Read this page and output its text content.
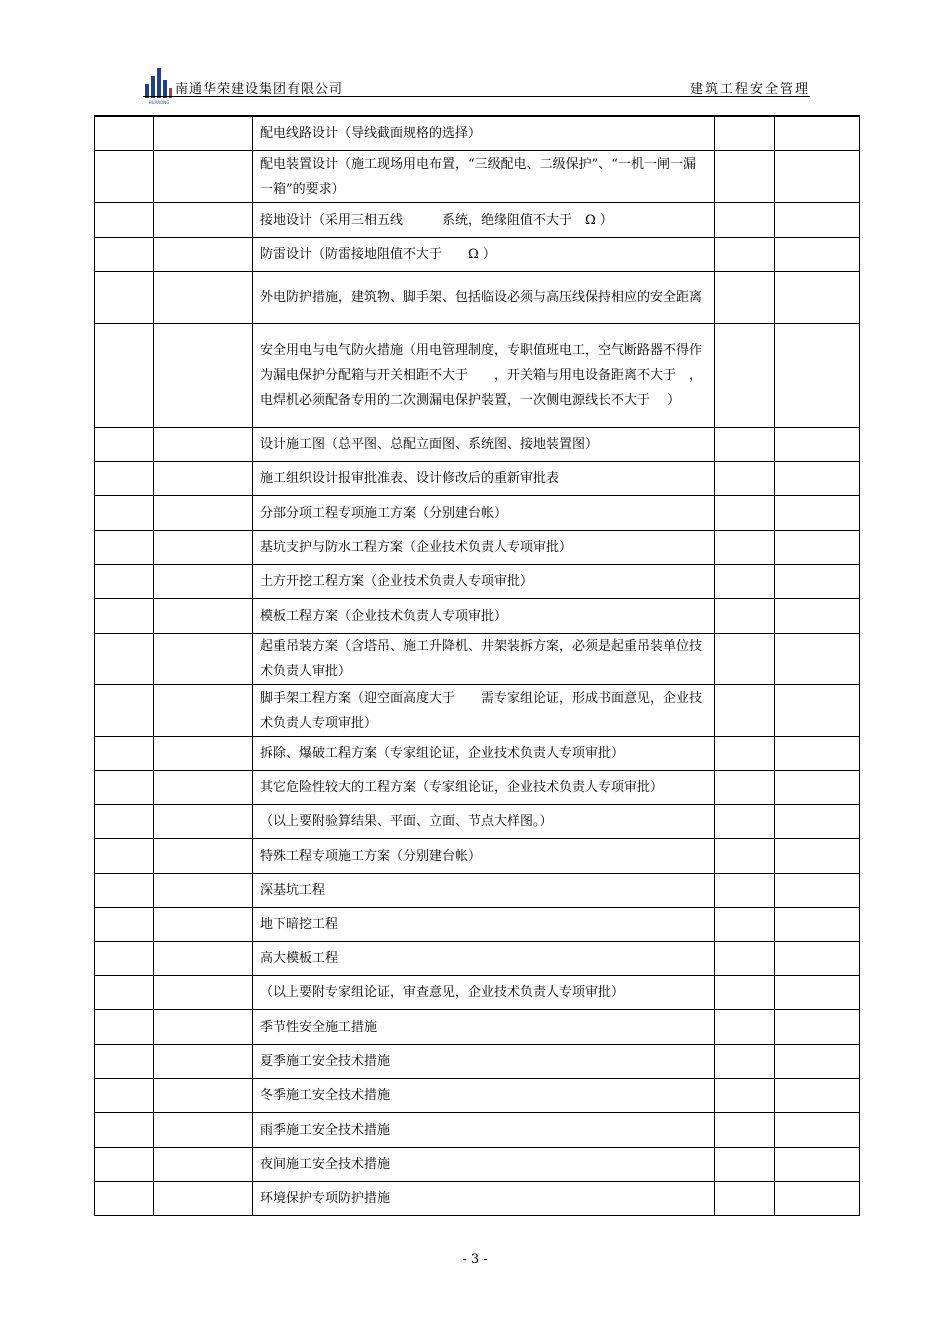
HUARONG
南通华荣建设集团有限公司	建筑工程安全管理
		配电线路设计（导线截面规格的选择）		
		配电装置设计（施工现场用电布置，“三级配电、二级保护”、“一机一闸一漏一箱”的要求）		
		接地设计（采用三相五线　　　系统，绝缘阻值不大于　Ω ）		
		防雷设计（防雷接地阻值不大于　　Ω ）		
		外电防护措施，建筑物、脚手架、包括临设必须与高压线保持相应的安全距离		
		安全用电与电气防火措施（用电管理制度，专职值班电工，空气断路器不得作为漏电保护分配箱与开关相距不大于　　，开关箱与用电设备距离不大于　，电焊机必须配备专用的二次测漏电保护装置，一次侧电源线长不大于　 ）		
		设计施工图（总平图、总配立面图、系统图、接地装置图）		
		施工组织设计报审批准表、设计修改后的重新审批表		
		分部分项工程专项施工方案（分别建台帐）		
		基坑支护与防水工程方案（企业技术负责人专项审批）		
		土方开挖工程方案（企业技术负责人专项审批）		
		模板工程方案（企业技术负责人专项审批）		
		起重吊装方案（含塔吊、施工升降机、井架装拆方案，必须是起重吊装单位技术负责人审批）		
		脚手架工程方案（迎空面高度大于　　需专家组论证，形成书面意见，企业技术负责人专项审批）		
		拆除、爆破工程方案（专家组论证，企业技术负责人专项审批）		
		其它危险性较大的工程方案（专家组论证，企业技术负责人专项审批）		
		（以上要附验算结果、平面、立面、节点大样图。）		
		特殊工程专项施工方案（分别建台帐）		
		深基坑工程		
		地下暗挖工程		
		高大模板工程		
		（以上要附专家组论证，审查意见，企业技术负责人专项审批）		
		季节性安全施工措施		
		夏季施工安全技术措施		
		冬季施工安全技术措施		
		雨季施工安全技术措施		
		夜间施工安全技术措施		
		环境保护专项防护措施		
- 3 -
